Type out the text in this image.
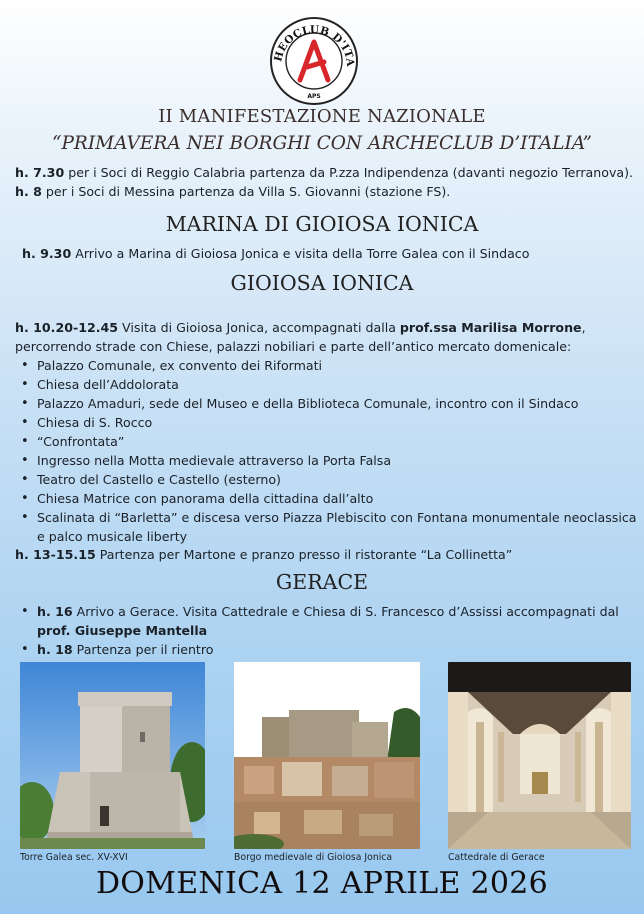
HEOCLUB D'ITA
APS
II MANIFESTAZIONE NAZIONALE
“PRIMAVERA NEI BORGHI CON ARCHECLUB D’ITALIA”
h. 7.30 per i Soci di Reggio Calabria partenza da P.zza Indipendenza (davanti negozio Terranova).
h. 8 per i Soci di Messina partenza da Villa S. Giovanni (stazione FS).
MARINA DI GIOIOSA IONICA
h. 9.30 Arrivo a Marina di Gioiosa Jonica e visita della Torre Galea con il Sindaco
GIOIOSA IONICA
h. 10.20-12.45 Visita di Gioiosa Jonica, accompagnati dalla prof.ssa Marilisa Morrone,
percorrendo strade con Chiese, palazzi nobiliari e parte dell’antico mercato domenicale:
• Palazzo Comunale, ex convento dei Riformati
• Chiesa dell’Addolorata
• Palazzo Amaduri, sede del Museo e della Biblioteca Comunale, incontro con il Sindaco
• Chiesa di S. Rocco
• “Confrontata”
• Ingresso nella Motta medievale attraverso la Porta Falsa
• Teatro del Castello e Castello (esterno)
• Chiesa Matrice con panorama della cittadina dall’alto
• Scalinata di “Barletta” e discesa verso Piazza Plebiscito con Fontana monumentale neoclassica
e palco musicale liberty
h. 13-15.15 Partenza per Martone e pranzo presso il ristorante “La Collinetta”
GERACE
• h. 16 Arrivo a Gerace. Visita Cattedrale e Chiesa di S. Francesco d’Assissi accompagnati dal
prof. Giuseppe Mantella
• h. 18 Partenza per il rientro
Torre Galea sec. XV-XVI	Borgo medievale di Gioiosa Jonica	Cattedrale di Gerace
DOMENICA 12 APRILE 2026
